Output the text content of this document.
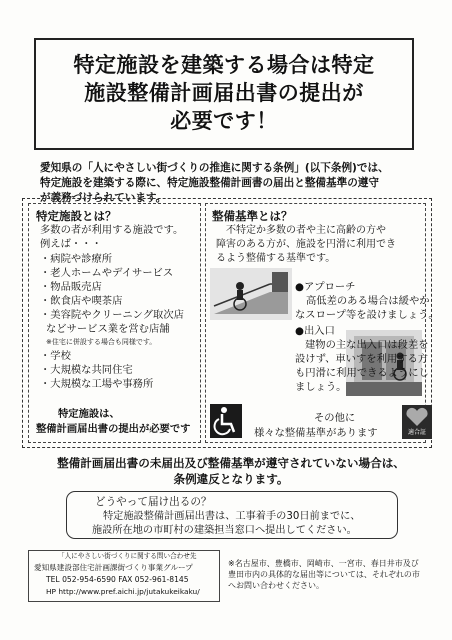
特定施設を建築する場合は特定
施設整備計画届出書の提出が
必要です！
愛知県の「人にやさしい街づくりの推進に関する条例」(以下条例)では、
特定施設を建築する際に、特定施設整備計画書の届出と整備基準の遵守
が義務づけられています。
特定施設とは？
多数の者が利用する施設です。
例えば・・・
・病院や診療所
・老人ホームやデイサービス
・物品販売店
・飲食店や喫茶店
・美容院やクリーニング取次店
などサービス業を営む店舗
※住宅に併設する場合も同様です。
・学校
・大規模な共同住宅
・大規模な工場や事務所
特定施設は、
整備計画届出書の提出が必要です
整備基準とは？
不特定か多数の者や主に高齢の方や
障害のある方が、施設を円滑に利用でき
るよう整備する基準です。
●アプローチ
高低差のある場合は緩やか
なスロープ等を設けましょう。
●出入口
建物の主な出入口は段差を
設けず、車いすを利用する方
も円滑に利用できるようにし
ましょう。
その他に
様々な整備基準があります	適合証
整備計画届出書の未届出及び整備基準が遵守されていない場合は、
条例違反となります。
どうやって届け出るの？
特定施設整備計画届出書は、工事着手の30日前までに、
施設所在地の市町村の建築担当窓口へ提出してください。
「人にやさしい街づくりに関する問い合わせ先
愛知県建設部住宅計画課街づくり事業グループ
TEL 052-954-6590 FAX 052-961-8145
HP http://www.pref.aichi.jp/jutakukeikaku/
※名古屋市、豊橋市、岡崎市、一宮市、春日井市及び
豊田市内の具体的な届出等については、それぞれの市
へお問い合わせください。
